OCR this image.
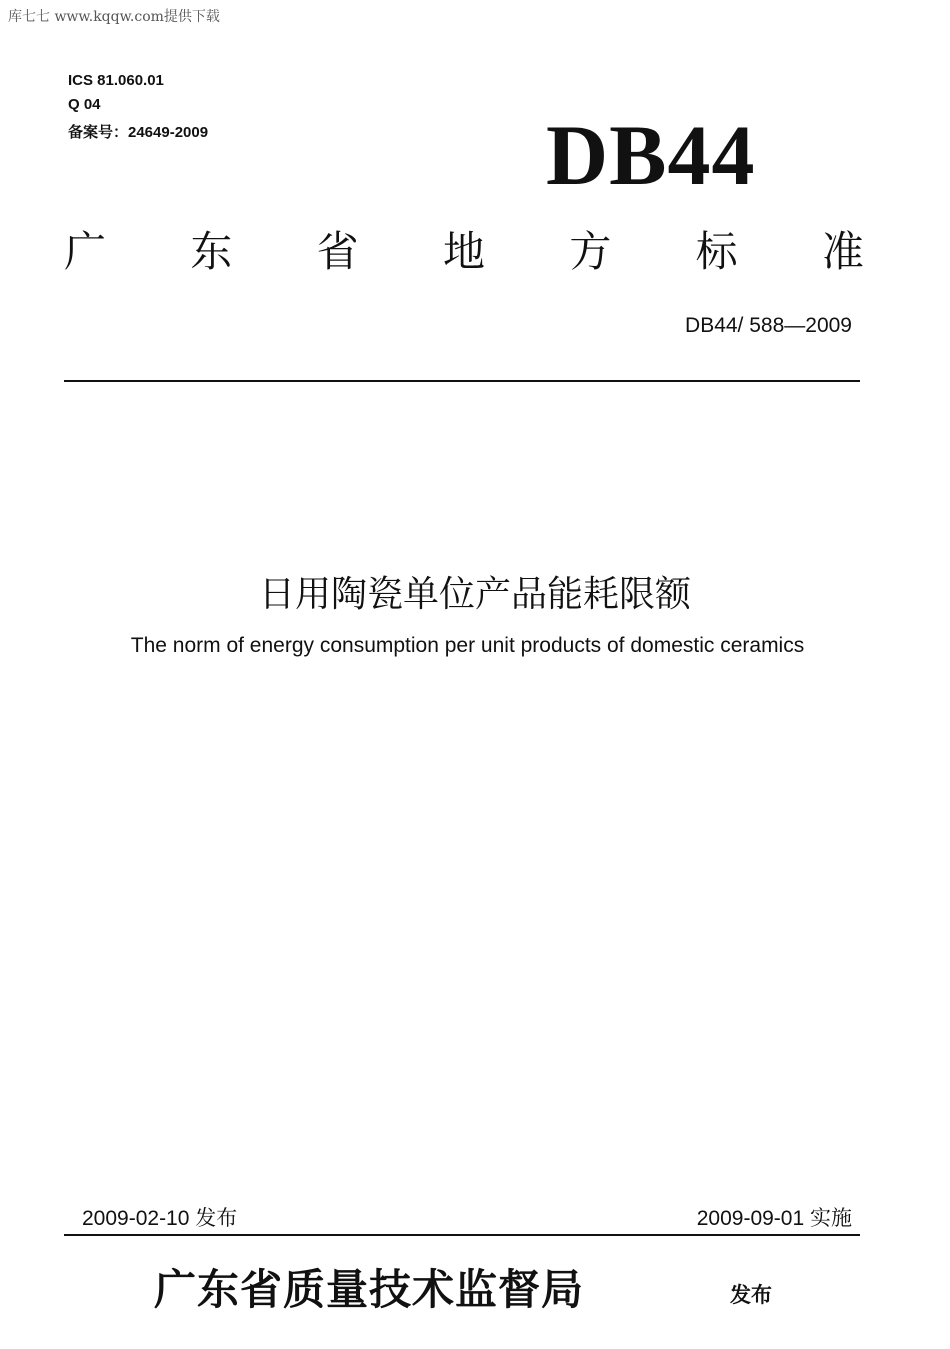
库七七 www.kqqw.com提供下载
ICS 81.060.01
Q 04
备案号：24649-2009	DB44
广 东 省 地 方 标 准
DB44/ 588—2009
日用陶瓷单位产品能耗限额
The norm of energy consumption per unit products of domestic ceramics
2009-02-10 发布	2009-09-01 实施
广东省质量技术监督局	发布
